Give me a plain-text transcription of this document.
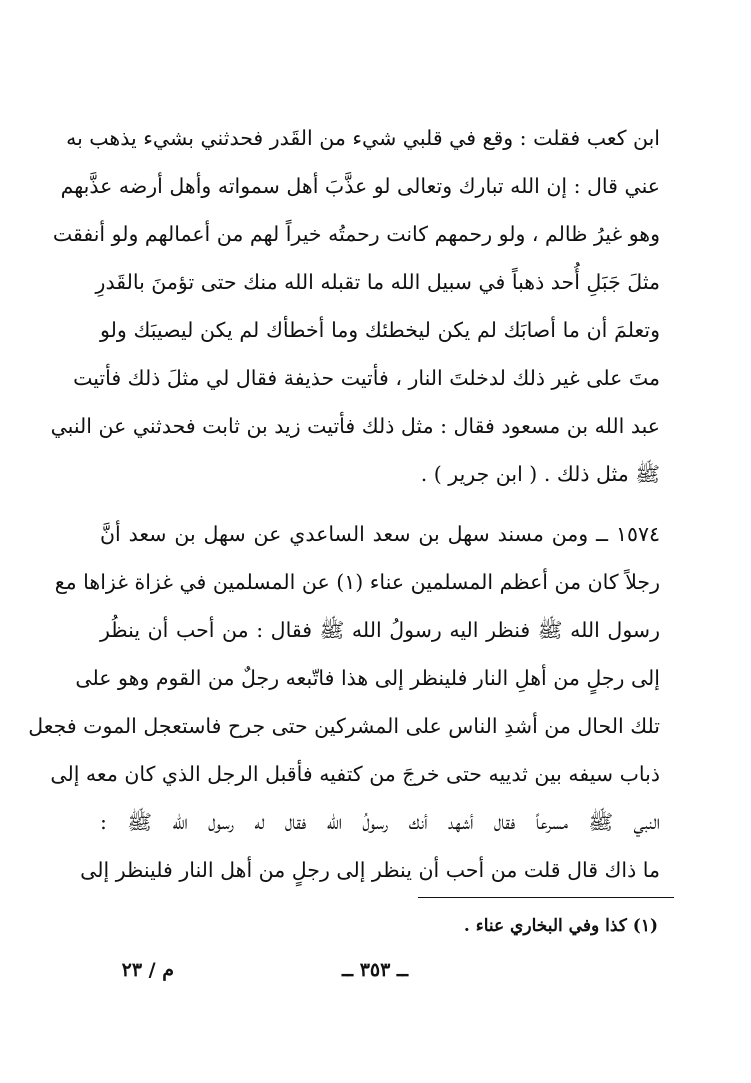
ابن كعب فقلت : وقع في قلبي شيء من القَدر فحدثني بشيء يذهب به
عني قال : إن الله تبارك وتعالى لو عذَّبَ أهل سمواته وأهل أرضه عذَّبهم
وهو غيرُ ظالم ، ولو رحمهم كانت رحمتُه خيراً لهم من أعمالهم ولو أنفقت
مثلَ جَبَلِ أُحد ذهباً في سبيل الله ما تقبله الله منك حتى تؤمنَ بالقَدرِ
وتعلمَ أن ما أصابَك لم يكن ليخطئك وما أخطأك لم يكن ليصيبَك ولو
متَ على غير ذلك لدخلتَ النار ، فأتيت حذيفة فقال لي مثلَ ذلك فأتيت
عبد الله بن مسعود فقال : مثل ذلك فأتيت زيد بن ثابت فحدثني عن النبي
ﷺ مثل ذلك . ( ابن جرير ) .
١٥٧٤ ــ ومن مسند سهل بن سعد الساعدي عن سهل بن سعد أنَّ
رجلاً كان من أعظم المسلمين عناء (١) عن المسلمين في غزاة غزاها مع
رسول الله ﷺ فنظر اليه رسولُ الله ﷺ فقال : من أحب أن ينظُر
إلى رجلٍ من أهلِ النار فلينظر إلى هذا فاتّبعه رجلٌ من القوم وهو على
تلك الحال من أشدِ الناس على المشركين حتى جرح فاستعجل الموت فجعل
ذباب سيفه بين ثدييه حتى خرجَ من كتفيه فأقبل الرجل الذي كان معه إلى
النبي ﷺ مسرعاً فقال أشهد أنك رسولُ الله فقال له رسول الله ﷺ :
ما ذاك قال قلت من أحب أن ينظر إلى رجلٍ من أهل النار فلينظر إلى
(١) كذا وفي البخاري عناء .
ــ ٣٥٣ ــ
م / ٢٣
